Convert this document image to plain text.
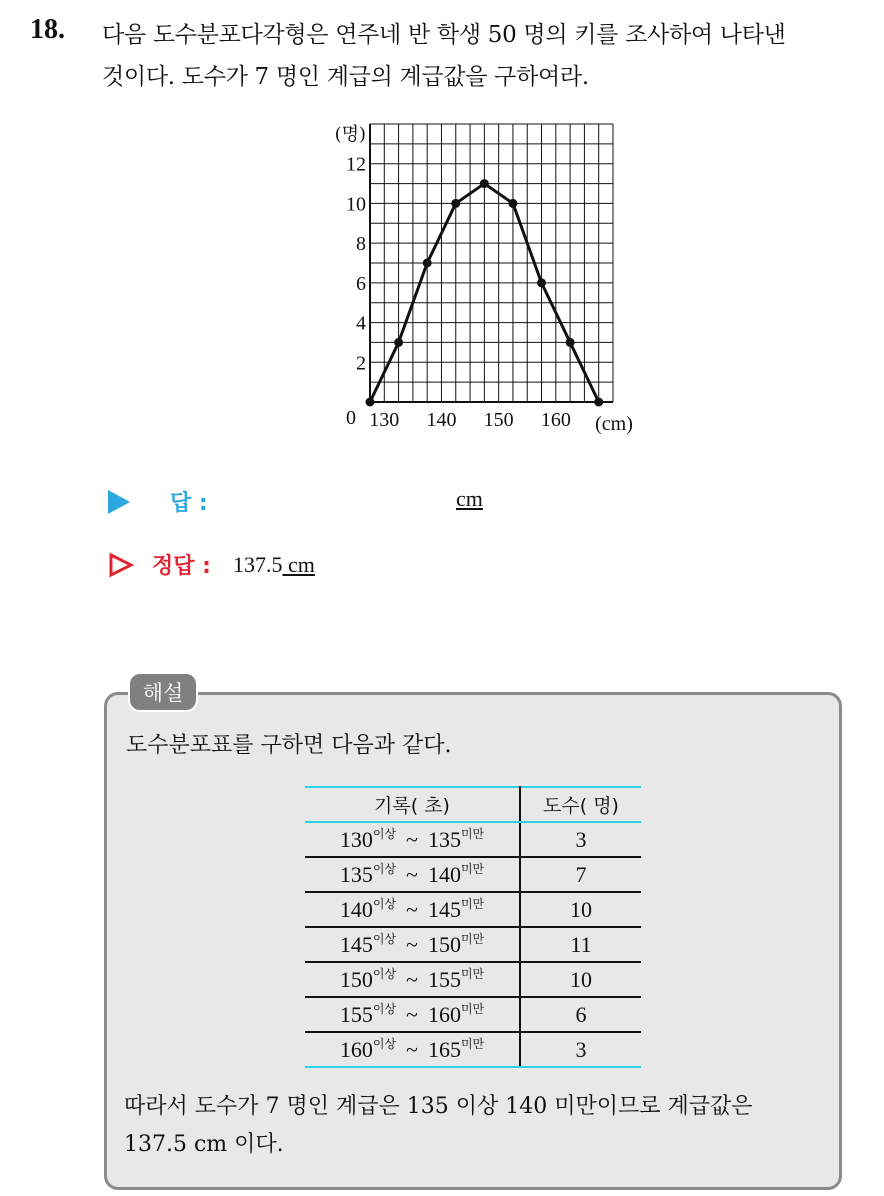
18. 다음 도수분포다각형은 연주네 반 학생 50 명의 키를 조사하여 나타낸
것이다. 도수가 7 명인 계급의 계급값을 구하여라.
2
4
6
8
10
12
(명)
0 130 140 150 160 (cm)
답 :	cm
정답 : 137.5 cm
해설
도수분포표를 구하면 다음과 같다.
기록( 초)	도수( 명)
$130^{이상}$ ~ $135^{미만}$	3
$135^{이상}$ ~ $140^{미만}$	7
$140^{이상}$ ~ $145^{미만}$	10
$145^{이상}$ ~ $150^{미만}$	11
$150^{이상}$ ~ $155^{미만}$	10
$155^{이상}$ ~ $160^{미만}$	6
$160^{이상}$ ~ $165^{미만}$	3
따라서 도수가 7 명인 계급은 135 이상 140 미만이므로 계급값은
137.5 cm 이다.
